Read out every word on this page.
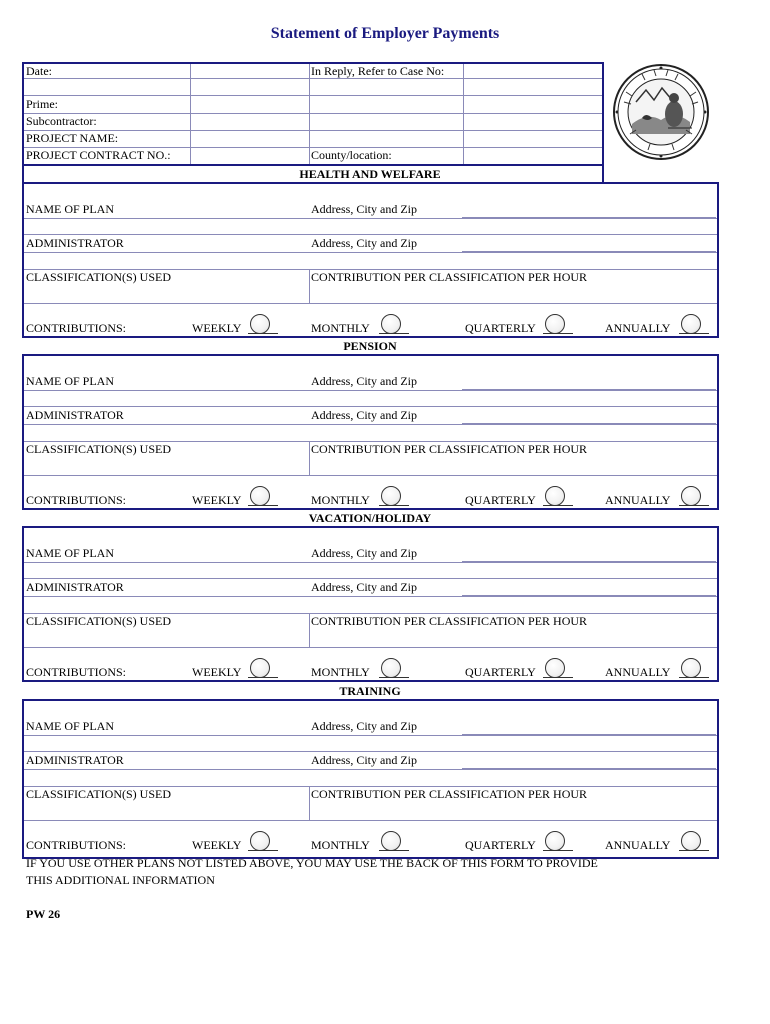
Statement of Employer Payments
Date:	In Reply, Refer to Case No:
Prime:
Subcontractor:
PROJECT NAME:
PROJECT CONTRACT NO.:	County/location:
HEALTH AND WELFARE
NAME OF PLAN	Address, City and Zip
ADMINISTRATOR	Address, City and Zip
CLASSIFICATION(S) USED	CONTRIBUTION PER CLASSIFICATION PER HOUR
CONTRIBUTIONS:	WEEKLY	MONTHLY	QUARTERLY	ANNUALLY
PENSION
NAME OF PLAN	Address, City and Zip
ADMINISTRATOR	Address, City and Zip
CLASSIFICATION(S) USED	CONTRIBUTION PER CLASSIFICATION PER HOUR
CONTRIBUTIONS:	WEEKLY	MONTHLY	QUARTERLY	ANNUALLY
VACATION/HOLIDAY
NAME OF PLAN	Address, City and Zip
ADMINISTRATOR	Address, City and Zip
CLASSIFICATION(S) USED	CONTRIBUTION PER CLASSIFICATION PER HOUR
CONTRIBUTIONS:	WEEKLY	MONTHLY	QUARTERLY	ANNUALLY
TRAINING
NAME OF PLAN	Address, City and Zip
ADMINISTRATOR	Address, City and Zip
CLASSIFICATION(S) USED	CONTRIBUTION PER CLASSIFICATION PER HOUR
CONTRIBUTIONS:	WEEKLY	MONTHLY	QUARTERLY	ANNUALLY
IF YOU USE OTHER PLANS NOT LISTED ABOVE, YOU MAY USE THE BACK OF THIS FORM TO PROVIDE
THIS ADDITIONAL INFORMATION
PW 26
